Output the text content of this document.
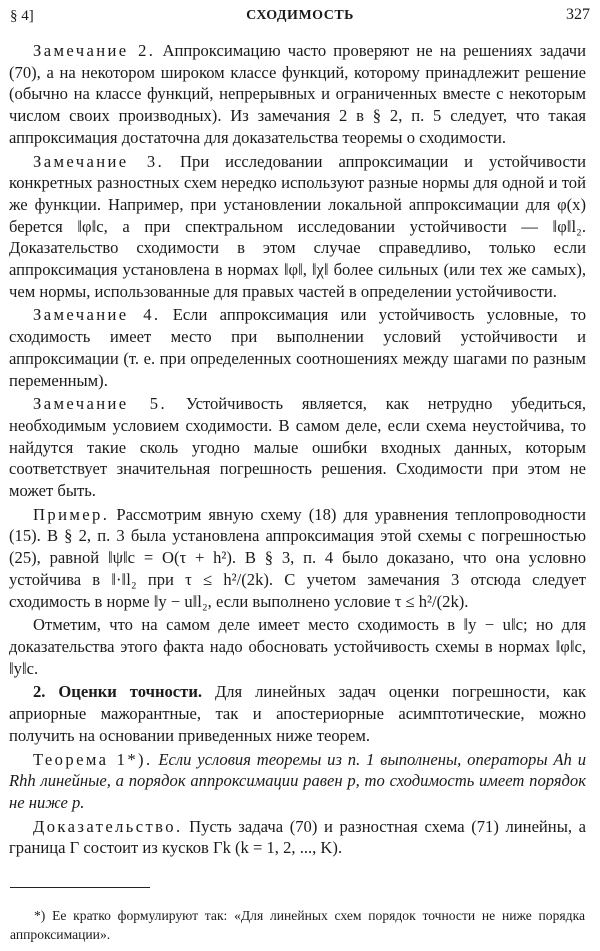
§ 4]	СХОДИМОСТЬ	327

Замечание 2. Аппроксимацию часто проверяют не на решениях задачи (70), а на некотором широком классе функций, которому принадлежит решение (обычно на классе функций, непрерывных и ограниченных вместе с некоторым числом своих производных). Из замечания 2 в § 2, п. 5 следует, что такая аппроксимация достаточна для доказательства теоремы о сходимости.

Замечание 3. При исследовании аппроксимации и устойчивости конкретных разностных схем нередко используют разные нормы для одной и той же функции. Например, при установлении локальной аппроксимации для φ(x) берется ‖φ‖c, а при спектральном исследовании устойчивости — ‖φ‖l₂. Доказательство сходимости в этом случае справедливо, только если аппроксимация установлена в нормах ‖φ‖, ‖χ‖ более сильных (или тех же самых), чем нормы, использованные для правых частей в определении устойчивости.

Замечание 4. Если аппроксимация или устойчивость условные, то сходимость имеет место при выполнении условий устойчивости и аппроксимации (т. е. при определенных соотношениях между шагами по разным переменным).

Замечание 5. Устойчивость является, как нетрудно убедиться, необходимым условием сходимости. В самом деле, если схема неустойчива, то найдутся такие сколь угодно малые ошибки входных данных, которым соответствует значительная погрешность решения. Сходимости при этом не может быть.

Пример. Рассмотрим явную схему (18) для уравнения теплопроводности (15). В § 2, п. 3 была установлена аппроксимация этой схемы с погрешностью (25), равной ‖ψ‖c = O(τ + h²). В § 3, п. 4 было доказано, что она условно устойчива в ‖·‖l₂ при τ ≤ h²/(2k). С учетом замечания 3 отсюда следует сходимость в норме ‖y − u‖l₂, если выполнено условие τ ≤ h²/(2k).

Отметим, что на самом деле имеет место сходимость в ‖y − u‖c; но для доказательства этого факта надо обосновать устойчивость схемы в нормах ‖φ‖c, ‖y‖c.

2. Оценки точности. Для линейных задач оценки погрешности, как априорные мажорантные, так и апостериорные асимптотические, можно получить на основании приведенных ниже теорем.

Теорема 1*). Если условия теоремы из п. 1 выполнены, операторы Ah и Rhh линейные, а порядок аппроксимации равен p, то сходимость имеет порядок не ниже p.

Доказательство. Пусть задача (70) и разностная схема (71) линейны, а граница Γ состоит из кусков Γk (k = 1, 2, ..., K).

*) Ее кратко формулируют так: «Для линейных схем порядок точности не ниже порядка аппроксимации».
